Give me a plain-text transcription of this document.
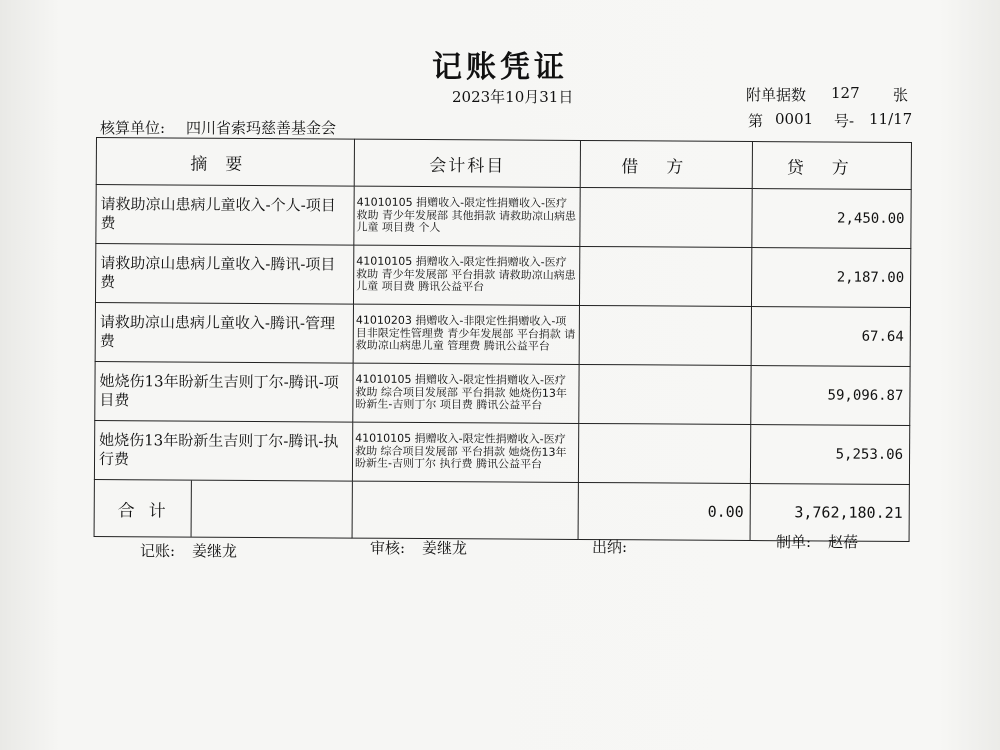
记账凭证
2023年10月31日	附单据数 127 张
核算单位: 四川省索玛慈善基金会	第 0001 号- 11/17
摘要	会计科目	借方	贷方
请救助凉山患病儿童收入-个人-项目费	41010105 捐赠收入-限定性捐赠收入-医疗救助 青少年发展部 其他捐款 请救助凉山病患儿童 项目费 个人		2,450.00
请救助凉山患病儿童收入-腾讯-项目费	41010105 捐赠收入-限定性捐赠收入-医疗救助 青少年发展部 平台捐款 请救助凉山病患儿童 项目费 腾讯公益平台		2,187.00
请救助凉山患病儿童收入-腾讯-管理费	41010203 捐赠收入-非限定性捐赠收入-项目非限定性管理费 青少年发展部 平台捐款 请救助凉山病患儿童 管理费 腾讯公益平台		67.64
她烧伤13年盼新生吉则丁尔-腾讯-项目费	41010105 捐赠收入-限定性捐赠收入-医疗救助 综合项目发展部 平台捐款 她烧伤13年盼新生-吉则丁尔 项目费 腾讯公益平台		59,096.87
她烧伤13年盼新生吉则丁尔-腾讯-执行费	41010105 捐赠收入-限定性捐赠收入-医疗救助 综合项目发展部 平台捐款 她烧伤13年盼新生-吉则丁尔 执行费 腾讯公益平台		5,253.06

合计		0.00	3,762,180.21
记账: 姜继龙	审核: 姜继龙	出纳:	制单: 赵蓓
